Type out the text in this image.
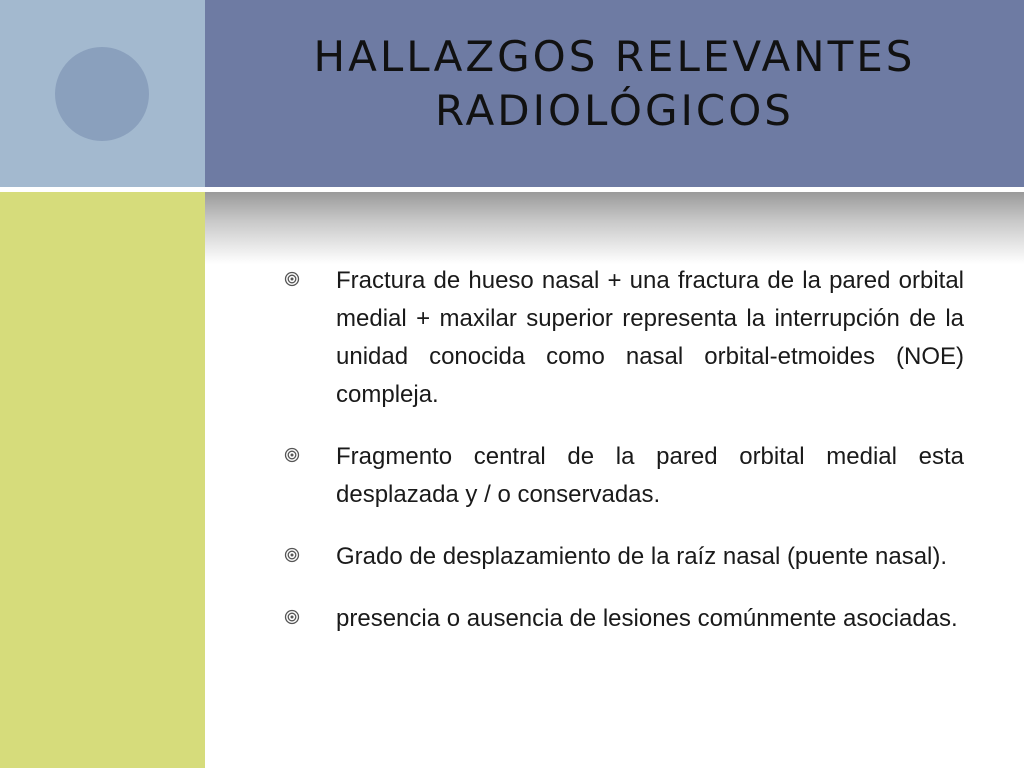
HALLAZGOS RELEVANTES
RADIOLÓGICOS

Fractura de hueso nasal + una fractura de la pared orbital medial + maxilar superior representa la interrupción de la unidad conocida como nasal orbital-etmoides (NOE) compleja.

Fragmento central de la pared orbital medial esta desplazada y / o conservadas.

Grado de desplazamiento de la raíz nasal (puente nasal).

presencia o ausencia de lesiones comúnmente asociadas.
